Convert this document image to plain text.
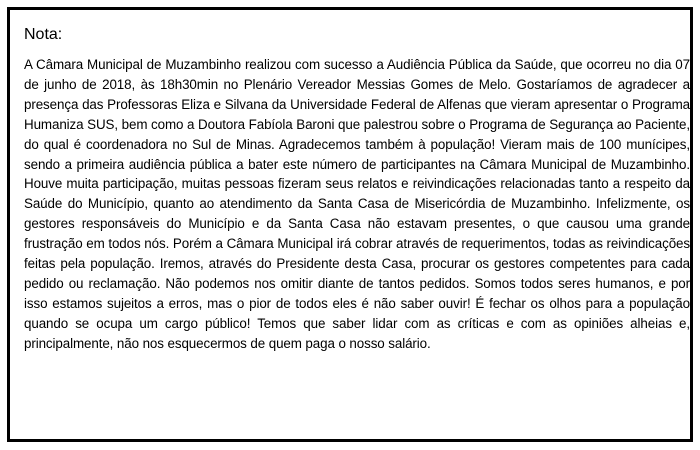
Nota:

A Câmara Municipal de Muzambinho realizou com sucesso a Audiência Pública da Saúde, que ocorreu no dia 07 de junho de 2018, às 18h30min no Plenário Vereador Messias Gomes de Melo. Gostaríamos de agradecer a presença das Professoras Eliza e Silvana da Universidade Federal de Alfenas que vieram apresentar o Programa Humaniza SUS, bem como a Doutora Fabíola Baroni que palestrou sobre o Programa de Segurança ao Paciente, do qual é coordenadora no Sul de Minas. Agradecemos também à população! Vieram mais de 100 munícipes, sendo a primeira audiência pública a bater este número de participantes na Câmara Municipal de Muzambinho. Houve muita participação, muitas pessoas fizeram seus relatos e reivindicações relacionadas tanto a respeito da Saúde do Município, quanto ao atendimento da Santa Casa de Misericórdia de Muzambinho. Infelizmente, os gestores responsáveis do Município e da Santa Casa não estavam presentes, o que causou uma grande frustração em todos nós. Porém a Câmara Municipal irá cobrar através de requerimentos, todas as reivindicações feitas pela população. Iremos, através do Presidente desta Casa, procurar os gestores competentes para cada pedido ou reclamação. Não podemos nos omitir diante de tantos pedidos. Somos todos seres humanos, e por isso estamos sujeitos a erros, mas o pior de todos eles é não saber ouvir! É fechar os olhos para a população quando se ocupa um cargo público! Temos que saber lidar com as críticas e com as opiniões alheias e, principalmente, não nos esquecermos de quem paga o nosso salário.
